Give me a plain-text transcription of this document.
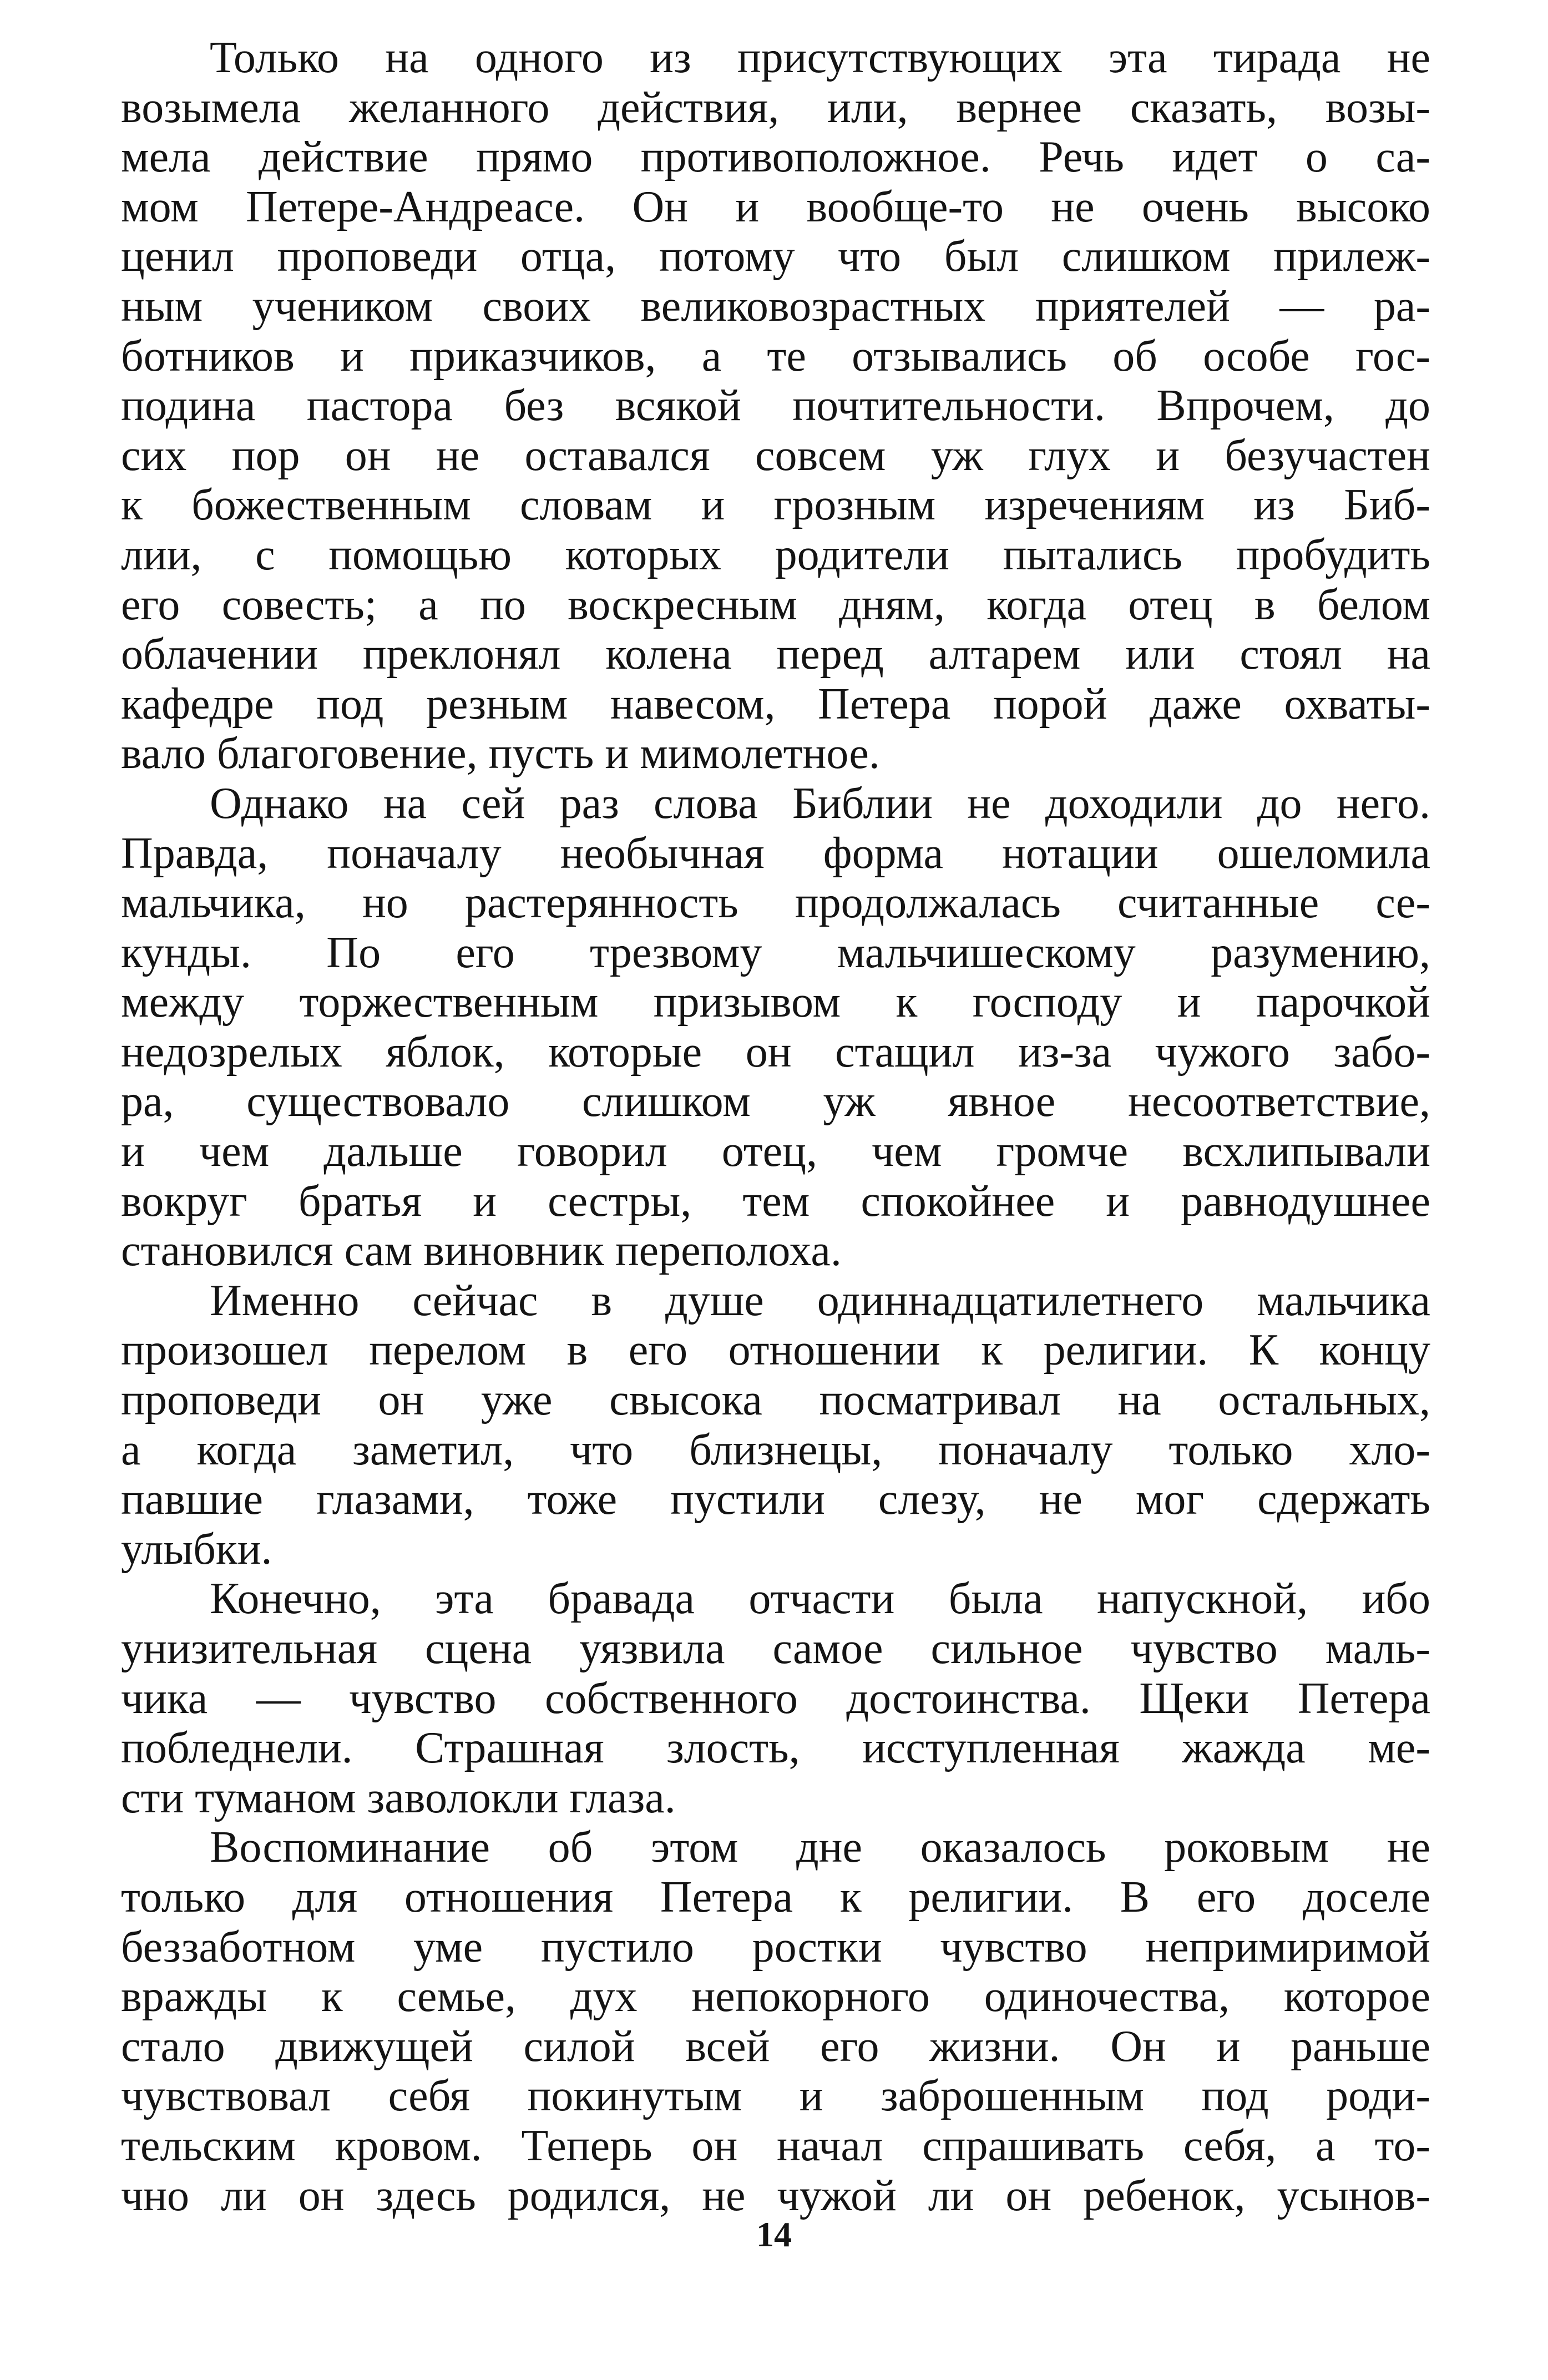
Только на одного из присутствующих эта тирада не
возымела желанного действия, или, вернее сказать, возы-
мела действие прямо противоположное. Речь идет о са-
мом Петере-Андреасе. Он и вообще-то не очень высоко
ценил проповеди отца, потому что был слишком прилеж-
ным учеником своих великовозрастных приятелей — ра-
ботников и приказчиков, а те отзывались об особе гос-
подина пастора без всякой почтительности. Впрочем, до
сих пор он не оставался совсем уж глух и безучастен
к божественным словам и грозным изречениям из Биб-
лии, с помощью которых родители пытались пробудить
его совесть; а по воскресным дням, когда отец в белом
облачении преклонял колена перед алтарем или стоял на
кафедре под резным навесом, Петера порой даже охваты-
вало благоговение, пусть и мимолетное.
Однако на сей раз слова Библии не доходили до него.
Правда, поначалу необычная форма нотации ошеломила
мальчика, но растерянность продолжалась считанные се-
кунды. По его трезвому мальчишескому разумению,
между торжественным призывом к господу и парочкой
недозрелых яблок, которые он стащил из-за чужого забо-
ра, существовало слишком уж явное несоответствие,
и чем дальше говорил отец, чем громче всхлипывали
вокруг братья и сестры, тем спокойнее и равнодушнее
становился сам виновник переполоха.
Именно сейчас в душе одиннадцатилетнего мальчика
произошел перелом в его отношении к религии. К концу
проповеди он уже свысока посматривал на остальных,
а когда заметил, что близнецы, поначалу только хло-
павшие глазами, тоже пустили слезу, не мог сдержать
улыбки.
Конечно, эта бравада отчасти была напускной, ибо
унизительная сцена уязвила самое сильное чувство маль-
чика — чувство собственного достоинства. Щеки Петера
побледнели. Страшная злость, исступленная жажда ме-
сти туманом заволокли глаза.
Воспоминание об этом дне оказалось роковым не
только для отношения Петера к религии. В его доселе
беззаботном уме пустило ростки чувство непримиримой
вражды к семье, дух непокорного одиночества, которое
стало движущей силой всей его жизни. Он и раньше
чувствовал себя покинутым и заброшенным под роди-
тельским кровом. Теперь он начал спрашивать себя, а то-
чно ли он здесь родился, не чужой ли он ребенок, усынов-
14
